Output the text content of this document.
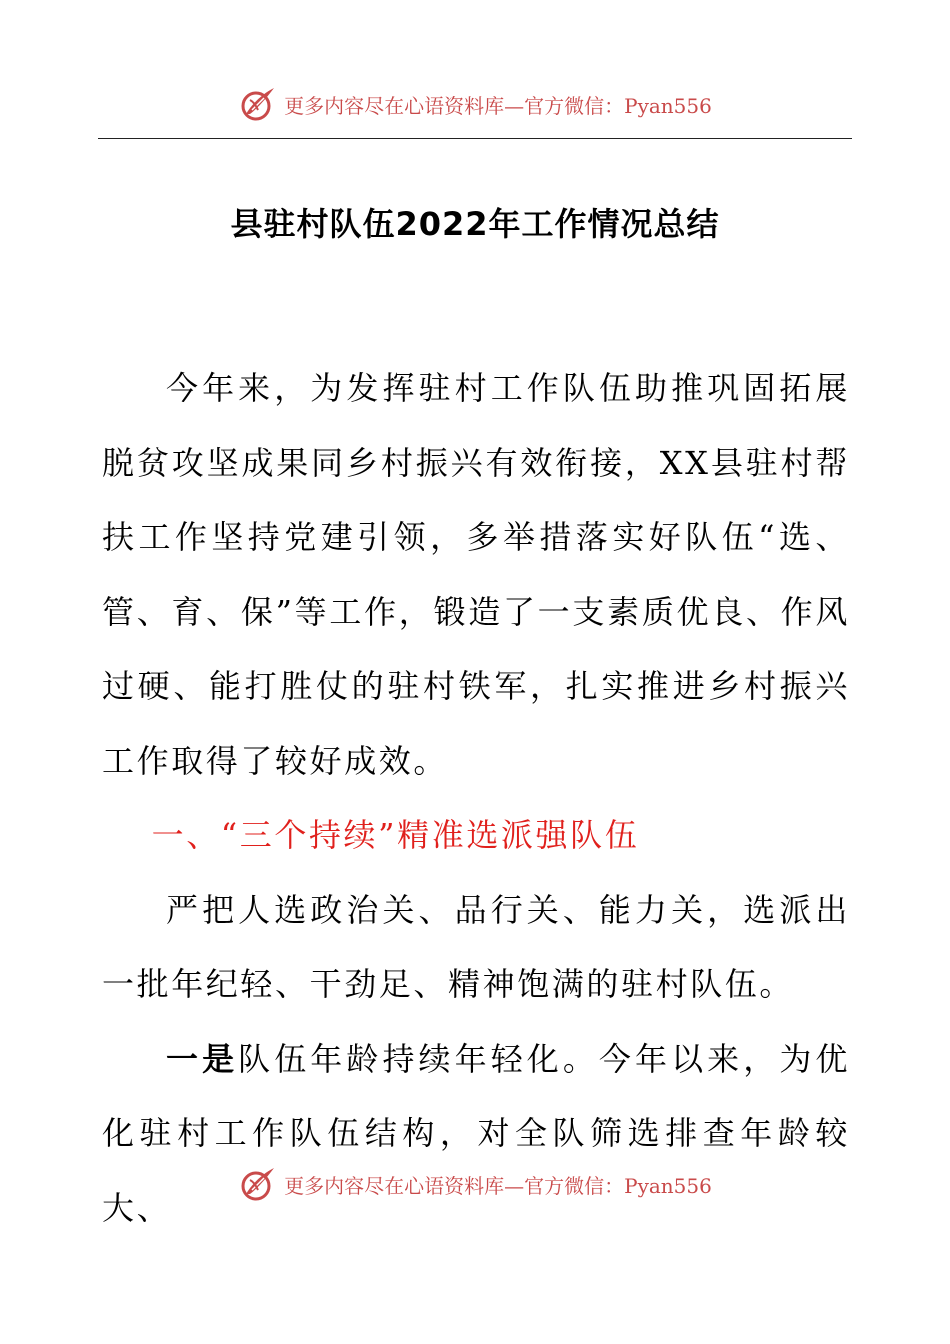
更多内容尽在心语资料库—官方微信：Pyan556
县驻村队伍2022年工作情况总结

今年来，为发挥驻村工作队伍助推巩固拓展脱贫攻坚成果同乡村振兴有效衔接，XX县驻村帮扶工作坚持党建引领，多举措落实好队伍“选、管、育、保”等工作，锻造了一支素质优良、作风过硬、能打胜仗的驻村铁军，扎实推进乡村振兴工作取得了较好成效。

一、“三个持续”精准选派强队伍

严把人选政治关、品行关、能力关，选派出一批年纪轻、干劲足、精神饱满的驻村队伍。

一是队伍年龄持续年轻化。今年以来，为优化驻村工作队伍结构，对全队筛选排查年龄较大、

更多内容尽在心语资料库—官方微信：Pyan556
